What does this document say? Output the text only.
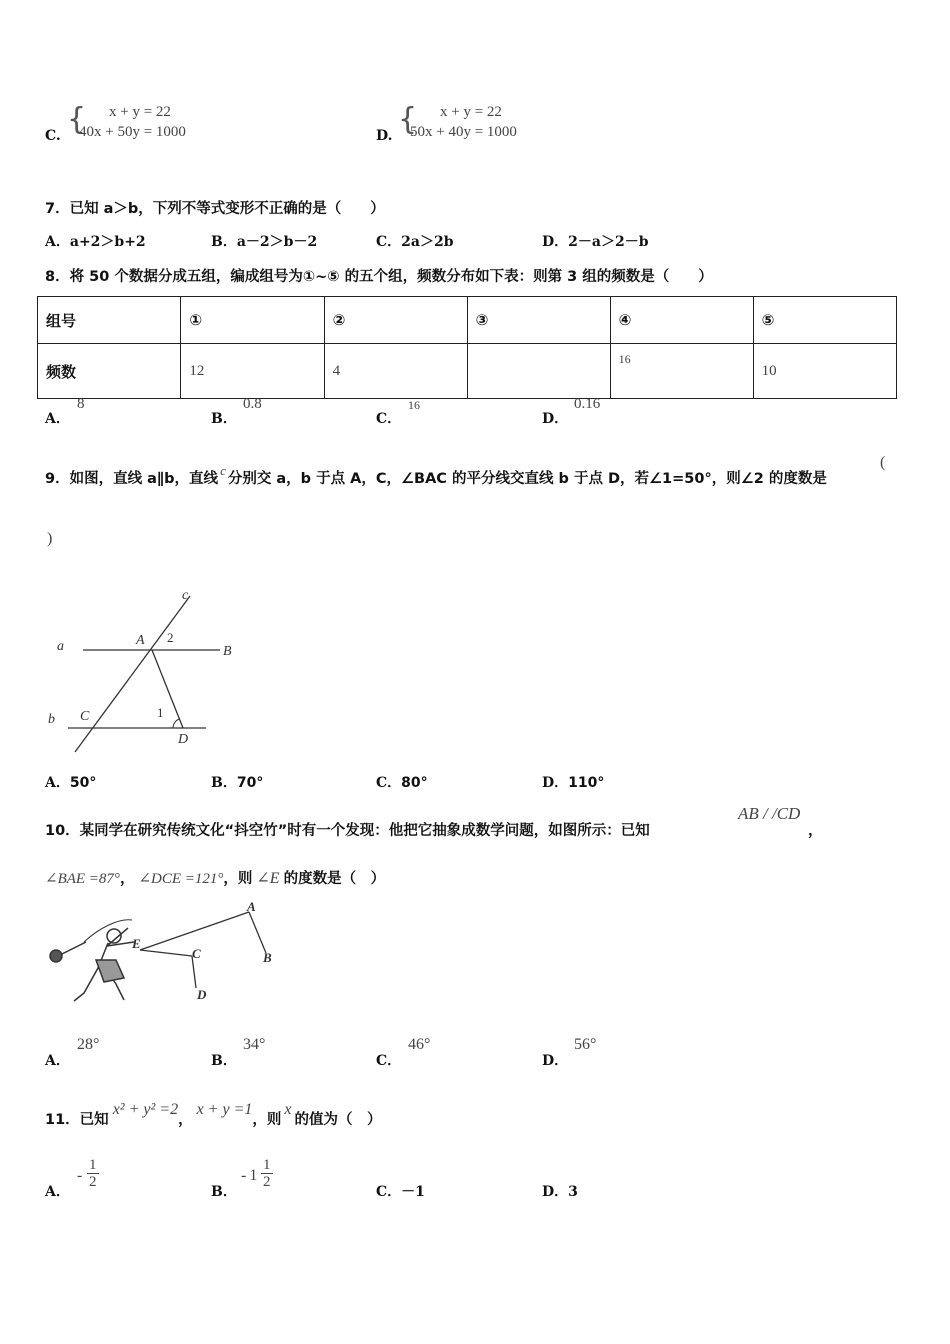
C. { x + y = 22
40x + 50y = 1000	D. { x + y = 22
50x + 40y = 1000
7．已知 a＞b，下列不等式变形不正确的是（　　）
A．a+2＞b+2	B．a－2＞b－2	C．2a＞2b	D．2－a＞2－b
8．将 50 个数据分成五组，编成组号为①~⑤ 的五个组，频数分布如下表：则第 3 组的频数是（　　）
组号	①	②	③	④	⑤
频数	12	4		16	10
A．
8
B．
0.8
C．
16
D．
0.16
9．如图，直线 a∥b，直线c分别交 a，b 于点 A，C，∠BAC 的平分线交直线 b 于点 D，若∠1=50°，则∠2 的度数是
(
)
c
a	A 2
B
b C	1
D
A．50°	B．70°	C．80°	D．110°
10．某同学在研究传统文化“抖空竹”时有一个发现：他把它抽象成数学问题，如图所示：已知
AB / /CD
，
∠BAE =87°， ∠DCE =121°，则 ∠E 的度数是（　）
E
A
B
C
D
A．
28°
B．
34°
C．
46°
D．
56°
11．已知x² + y² =2，x + y =1，则x的值为（　）
A．
- $\frac{1}{2}$
B．
- $1 \frac{1}{2}$
C．－1	D．3
